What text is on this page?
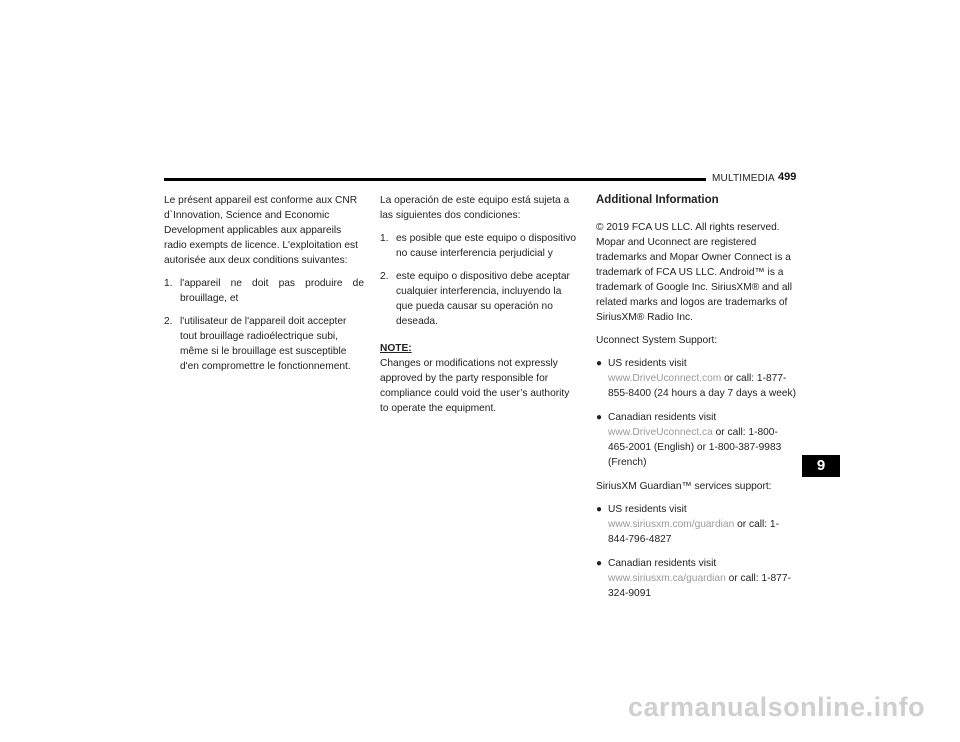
MULTIMEDIA 499

Le présent appareil est conforme aux CNR d`Innovation, Science and Economic Development applicables aux appareils radio exempts de licence. L'exploitation est autorisée aux deux conditions suivantes:

1. l'appareil ne doit pas produire de brouillage, et
2. l'utilisateur de l'appareil doit accepter tout brouillage radioélectrique subi, même si le brouillage est susceptible d'en compromettre le fonctionnement.

La operación de este equipo está sujeta a las siguientes dos condiciones:

1. es posible que este equipo o dispositivo no cause interferencia perjudicial y
2. este equipo o dispositivo debe aceptar cualquier interferencia, incluyendo la que pueda causar su operación no deseada.
NOTE:

Changes or modifications not expressly approved by the party responsible for compliance could void the user’s authority to operate the equipment.

Additional Information

© 2019 FCA US LLC. All rights reserved. Mopar and Uconnect are registered trademarks and Mopar Owner Connect is a trademark of FCA US LLC. Android™ is a trademark of Google Inc. SiriusXM® and all related marks and logos are trademarks of SiriusXM® Radio Inc.

Uconnect System Support:

● US residents visit www.DriveUconnect.com or call: 1-877-855-8400 (24 hours a day 7 days a week)
● Canadian residents visit www.DriveUconnect.ca or call: 1-800-465-2001 (English) or 1-800-387-9983 (French)

SiriusXM Guardian™ services support:

● US residents visit www.siriusxm.com/guardian or call: 1-844-796-4827
● Canadian residents visit www.siriusxm.ca/guardian or call: 1-877-324-9091
9
carmanualsonline.info
